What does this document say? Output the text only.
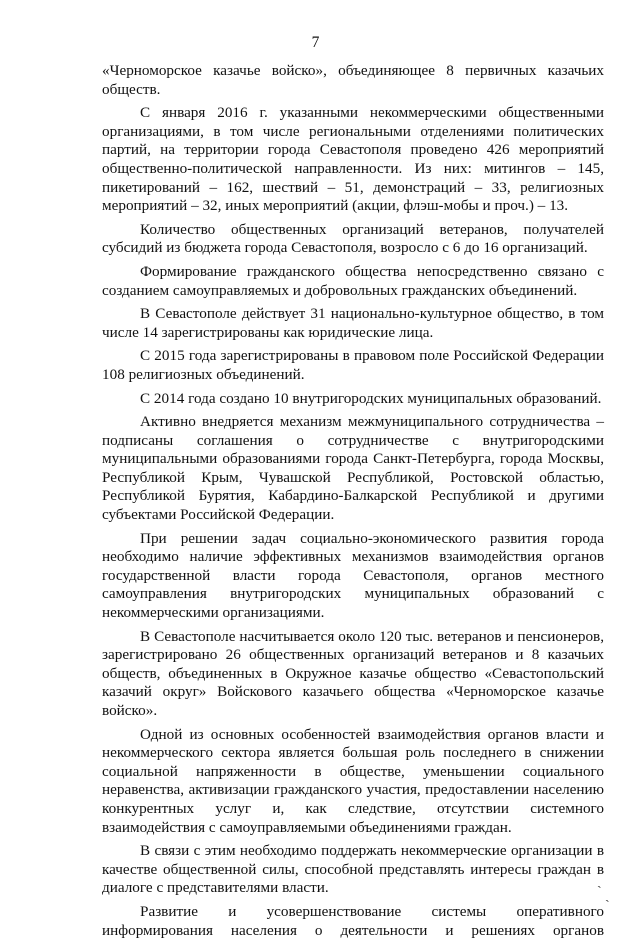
7

«Черноморское казачье войско», объединяющее 8 первичных казачьих обществ.

С января 2016 г. указанными некоммерческими общественными организациями, в том числе региональными отделениями политических партий, на территории города Севастополя проведено 426 мероприятий общественно-политической направленности. Из них: митингов – 145, пикетирований – 162, шествий – 51, демонстраций – 33, религиозных мероприятий – 32, иных мероприятий (акции, флэш-мобы и проч.) – 13.

Количество общественных организаций ветеранов, получателей субсидий из бюджета города Севастополя, возросло с 6 до 16 организаций.

Формирование гражданского общества непосредственно связано с созданием самоуправляемых и добровольных гражданских объединений.

В Севастополе действует 31 национально-культурное общество, в том числе 14 зарегистрированы как юридические лица.

С 2015 года зарегистрированы в правовом поле Российской Федерации 108 религиозных объединений.

С 2014 года создано 10 внутригородских муниципальных образований.

Активно внедряется механизм межмуниципального сотрудничества – подписаны соглашения о сотрудничестве с внутригородскими муниципальными образованиями города Санкт-Петербурга, города Москвы, Республикой Крым, Чувашской Республикой, Ростовской областью, Республикой Бурятия, Кабардино-Балкарской Республикой и другими субъектами Российской Федерации.

При решении задач социально-экономического развития города необходимо наличие эффективных механизмов взаимодействия органов государственной власти города Севастополя, органов местного самоуправления внутригородских муниципальных образований с некоммерческими организациями.

В Севастополе насчитывается около 120 тыс. ветеранов и пенсионеров, зарегистрировано 26 общественных организаций ветеранов и 8 казачьих обществ, объединенных в Окружное казачье общество «Севастопольский казачий округ» Войскового казачьего общества «Черноморское казачье войско».

Одной из основных особенностей взаимодействия органов власти и некоммерческого сектора является большая роль последнего в снижении социальной напряженности в обществе, уменьшении социального неравенства, активизации гражданского участия, предоставлении населению конкурентных услуг и, как следствие, отсутствии системного взаимодействия с самоуправляемыми объединениями граждан.

В связи с этим необходимо поддержать некоммерческие организации в качестве общественной силы, способной представлять интересы граждан в диалоге с представителями власти.

Развитие и усовершенствование системы оперативного информирования населения о деятельности и решениях органов

ˎ
ˎ
